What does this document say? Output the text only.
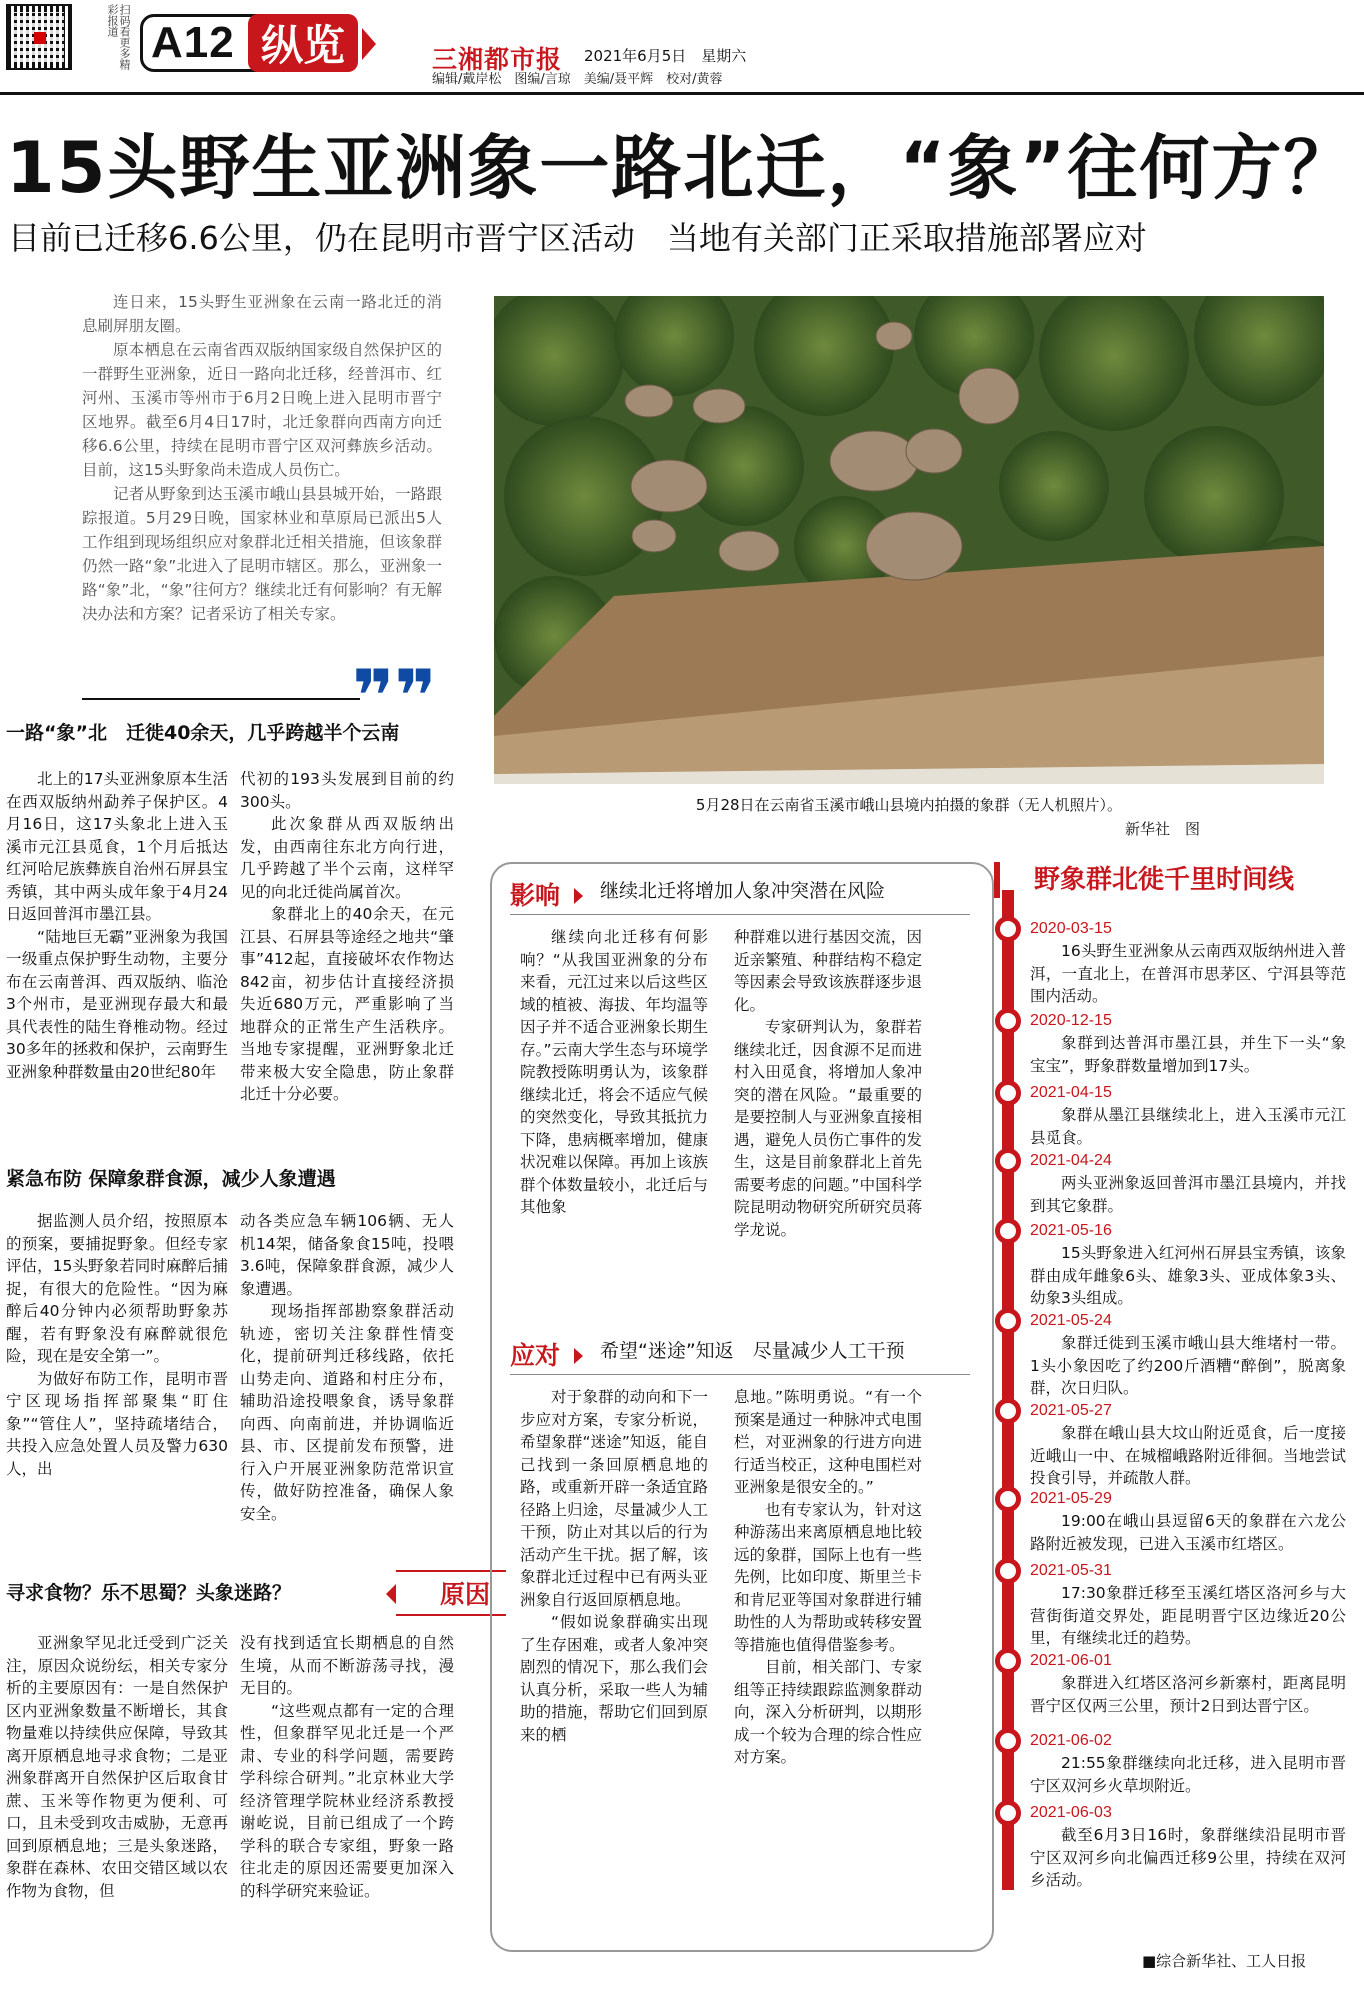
扫码看更多精彩报道 A12 纵览	三湘都市报 2021年6月5日　星期六
编辑/戴岸松　图编/言琼　美编/聂平辉　校对/黄蓉
15头野生亚洲象一路北迁，“象”往何方？
目前已迁移6.6公里，仍在昆明市晋宁区活动　当地有关部门正采取措施部署应对

连日来，15头野生亚洲象在云南一路北迁的消息刷屏朋友圈。

原本栖息在云南省西双版纳国家级自然保护区的一群野生亚洲象，近日一路向北迁移，经普洱市、红河州、玉溪市等州市于6月2日晚上进入昆明市晋宁区地界。截至6月4日17时，北迁象群向西南方向迁移6.6公里，持续在昆明市晋宁区双河彝族乡活动。目前，这15头野象尚未造成人员伤亡。

记者从野象到达玉溪市峨山县县城开始，一路跟踪报道。5月29日晚，国家林业和草原局已派出5人工作组到现场组织应对象群北迁相关措施，但该象群仍然一路“象”北进入了昆明市辖区。那么，亚洲象一路“象”北，“象”往何方？继续北迁有何影响？有无解决办法和方案？记者采访了相关专家。

❞❞
5月28日在云南省玉溪市峨山县境内拍摄的象群（无人机照片）。
新华社　图
一路“象”北　迁徙40余天，几乎跨越半个云南

北上的17头亚洲象原本生活在西双版纳州勐养子保护区。4月16日，这17头象北上进入玉溪市元江县觅食，1个月后抵达红河哈尼族彝族自治州石屏县宝秀镇，其中两头成年象于4月24日返回普洱市墨江县。

“陆地巨无霸”亚洲象为我国一级重点保护野生动物，主要分布在云南普洱、西双版纳、临沧3个州市，是亚洲现存最大和最具代表性的陆生脊椎动物。经过30多年的拯救和保护，云南野生亚洲象种群数量由20世纪80年

代初的193头发展到目前的约300头。

此次象群从西双版纳出发，由西南往东北方向行进，几乎跨越了半个云南，这样罕见的向北迁徙尚属首次。

象群北上的40余天，在元江县、石屏县等途经之地共“肇事”412起，直接破坏农作物达842亩，初步估计直接经济损失近680万元，严重影响了当地群众的正常生产生活秩序。当地专家提醒，亚洲野象北迁带来极大安全隐患，防止象群北迁十分必要。

紧急布防 保障象群食源，减少人象遭遇

据监测人员介绍，按照原本的预案，要捕捉野象。但经专家评估，15头野象若同时麻醉后捕捉，有很大的危险性。“因为麻醉后40分钟内必须帮助野象苏醒，若有野象没有麻醉就很危险，现在是安全第一”。

为做好布防工作，昆明市晋宁区现场指挥部聚集“盯住象”“管住人”，坚持疏堵结合，共投入应急处置人员及警力630人，出

动各类应急车辆106辆、无人机14架，储备象食15吨，投喂3.6吨，保障象群食源，减少人象遭遇。

现场指挥部勘察象群活动轨迹，密切关注象群性情变化，提前研判迁移线路，依托山势走向、道路和村庄分布，辅助沿途投喂象食，诱导象群向西、向南前进，并协调临近县、市、区提前发布预警，进行入户开展亚洲象防范常识宣传，做好防控准备，确保人象安全。

寻求食物？乐不思蜀？头象迷路？	原因

亚洲象罕见北迁受到广泛关注，原因众说纷纭，相关专家分析的主要原因有：一是自然保护区内亚洲象数量不断增长，其食物量难以持续供应保障，导致其离开原栖息地寻求食物；二是亚洲象群离开自然保护区后取食甘蔗、玉米等作物更为便利、可口，且未受到攻击威胁，无意再回到原栖息地；三是头象迷路，象群在森林、农田交错区域以农作物为食物，但

没有找到适宜长期栖息的自然生境，从而不断游荡寻找，漫无目的。

“这些观点都有一定的合理性，但象群罕见北迁是一个严肃、专业的科学问题，需要跨学科综合研判。”北京林业大学经济管理学院林业经济系教授谢屹说，目前已组成了一个跨学科的联合专家组，野象一路往北走的原因还需要更加深入的科学研究来验证。

影响 继续北迁将增加人象冲突潜在风险

继续向北迁移有何影响？“从我国亚洲象的分布来看，元江过来以后这些区域的植被、海拔、年均温等因子并不适合亚洲象长期生存。”云南大学生态与环境学院教授陈明勇认为，该象群继续北迁，将会不适应气候的突然变化，导致其抵抗力下降，患病概率增加，健康状况难以保障。再加上该族群个体数量较小，北迁后与其他象

种群难以进行基因交流，因近亲繁殖、种群结构不稳定等因素会导致该族群逐步退化。

专家研判认为，象群若继续北迁，因食源不足而进村入田觅食，将增加人象冲突的潜在风险。“最重要的是要控制人与亚洲象直接相遇，避免人员伤亡事件的发生，这是目前象群北上首先需要考虑的问题。”中国科学院昆明动物研究所研究员蒋学龙说。

应对 希望“迷途”知返　尽量减少人工干预

对于象群的动向和下一步应对方案，专家分析说，希望象群“迷途”知返，能自己找到一条回原栖息地的路，或重新开辟一条适宜路径路上归途，尽量减少人工干预，防止对其以后的行为活动产生干扰。据了解，该象群北迁过程中已有两头亚洲象自行返回原栖息地。

“假如说象群确实出现了生存困难，或者人象冲突剧烈的情况下，那么我们会认真分析，采取一些人为辅助的措施，帮助它们回到原来的栖

息地。”陈明勇说。“有一个预案是通过一种脉冲式电围栏，对亚洲象的行进方向进行适当校正，这种电围栏对亚洲象是很安全的。”

也有专家认为，针对这种游荡出来离原栖息地比较远的象群，国际上也有一些先例，比如印度、斯里兰卡和肯尼亚等国对象群进行辅助性的人为帮助或转移安置等措施也值得借鉴参考。

目前，相关部门、专家组等正持续跟踪监测象群动向，深入分析研判，以期形成一个较为合理的综合性应对方案。

野象群北徙千里时间线
2020-03-15
16头野生亚洲象从云南西双版纳州进入普洱，一直北上，在普洱市思茅区、宁洱县等范围内活动。
2020-12-15
象群到达普洱市墨江县，并生下一头“象宝宝”，野象群数量增加到17头。
2021-04-15
象群从墨江县继续北上，进入玉溪市元江县觅食。
2021-04-24
两头亚洲象返回普洱市墨江县境内，并找到其它象群。
2021-05-16
15头野象进入红河州石屏县宝秀镇，该象群由成年雌象6头、雄象3头、亚成体象3头、幼象3头组成。
2021-05-24
象群迁徙到玉溪市峨山县大维堵村一带。1头小象因吃了约200斤酒糟“醉倒”，脱离象群，次日归队。
2021-05-27
象群在峨山县大坟山附近觅食，后一度接近峨山一中、在城榴峨路附近徘徊。当地尝试投食引导，并疏散人群。
2021-05-29
19:00在峨山县逗留6天的象群在六龙公路附近被发现，已进入玉溪市红塔区。
2021-05-31
17:30象群迁移至玉溪红塔区洛河乡与大营街街道交界处，距昆明晋宁区边缘近20公里，有继续北迁的趋势。
2021-06-01
象群进入红塔区洛河乡新寨村，距离昆明晋宁区仅两三公里，预计2日到达晋宁区。
2021-06-02
21:55象群继续向北迁移，进入昆明市晋宁区双河乡火草坝附近。
2021-06-03
截至6月3日16时，象群继续沿昆明市晋宁区双河乡向北偏西迁移9公里，持续在双河乡活动。
■综合新华社、工人日报
